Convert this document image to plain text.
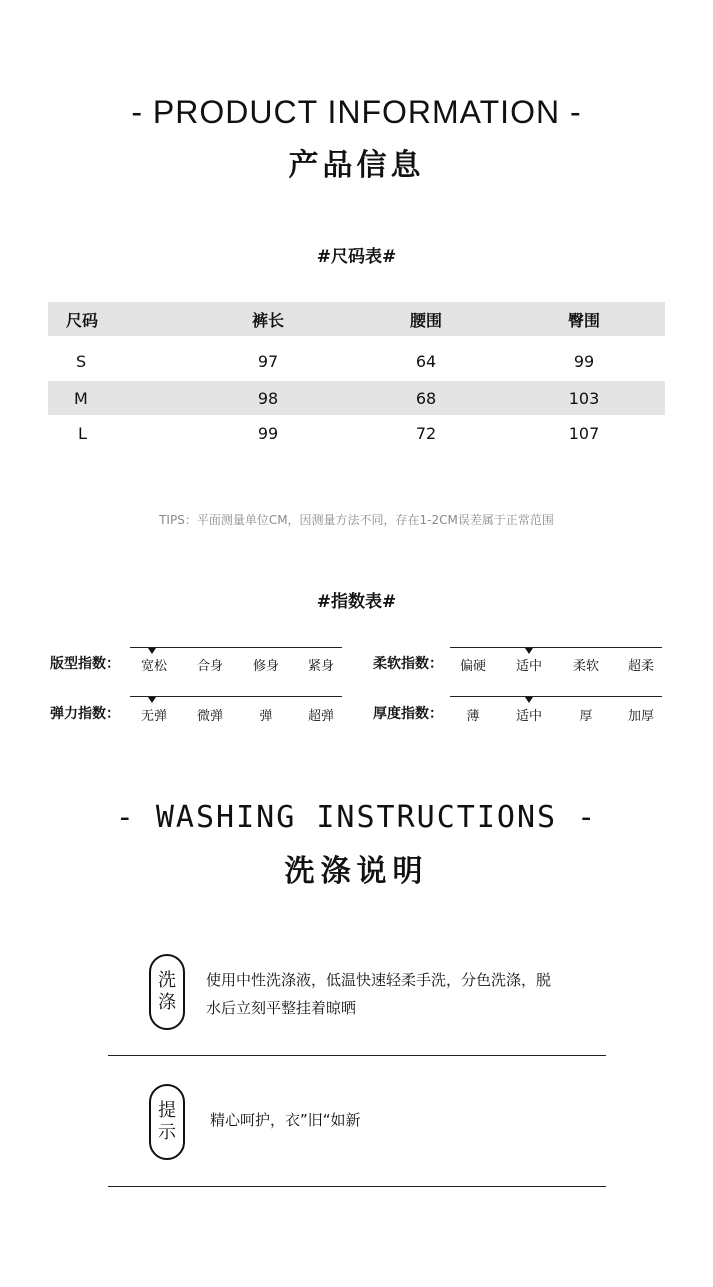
- PRODUCT INFORMATION -
产品信息
#尺码表#
尺码	裤长	腰围	臀围
S	97	64	99
M	98	68	103
L	99	72	107
TIPS：平面测量单位CM，因测量方法不同，存在1-2CM误差属于正常范围
#指数表#
版型指数：	宽松	合身	修身	紧身	柔软指数：	偏硬	适中	柔软	超柔
弹力指数：	无弹	微弹	弹	超弹	厚度指数：	薄	适中	厚	加厚
- WASHING INSTRUCTIONS -
洗涤说明
洗
涤
使用中性洗涤液，低温快速轻柔手洗，分色洗涤，脱
水后立刻平整挂着晾晒
提
示
精心呵护，衣”旧“如新
